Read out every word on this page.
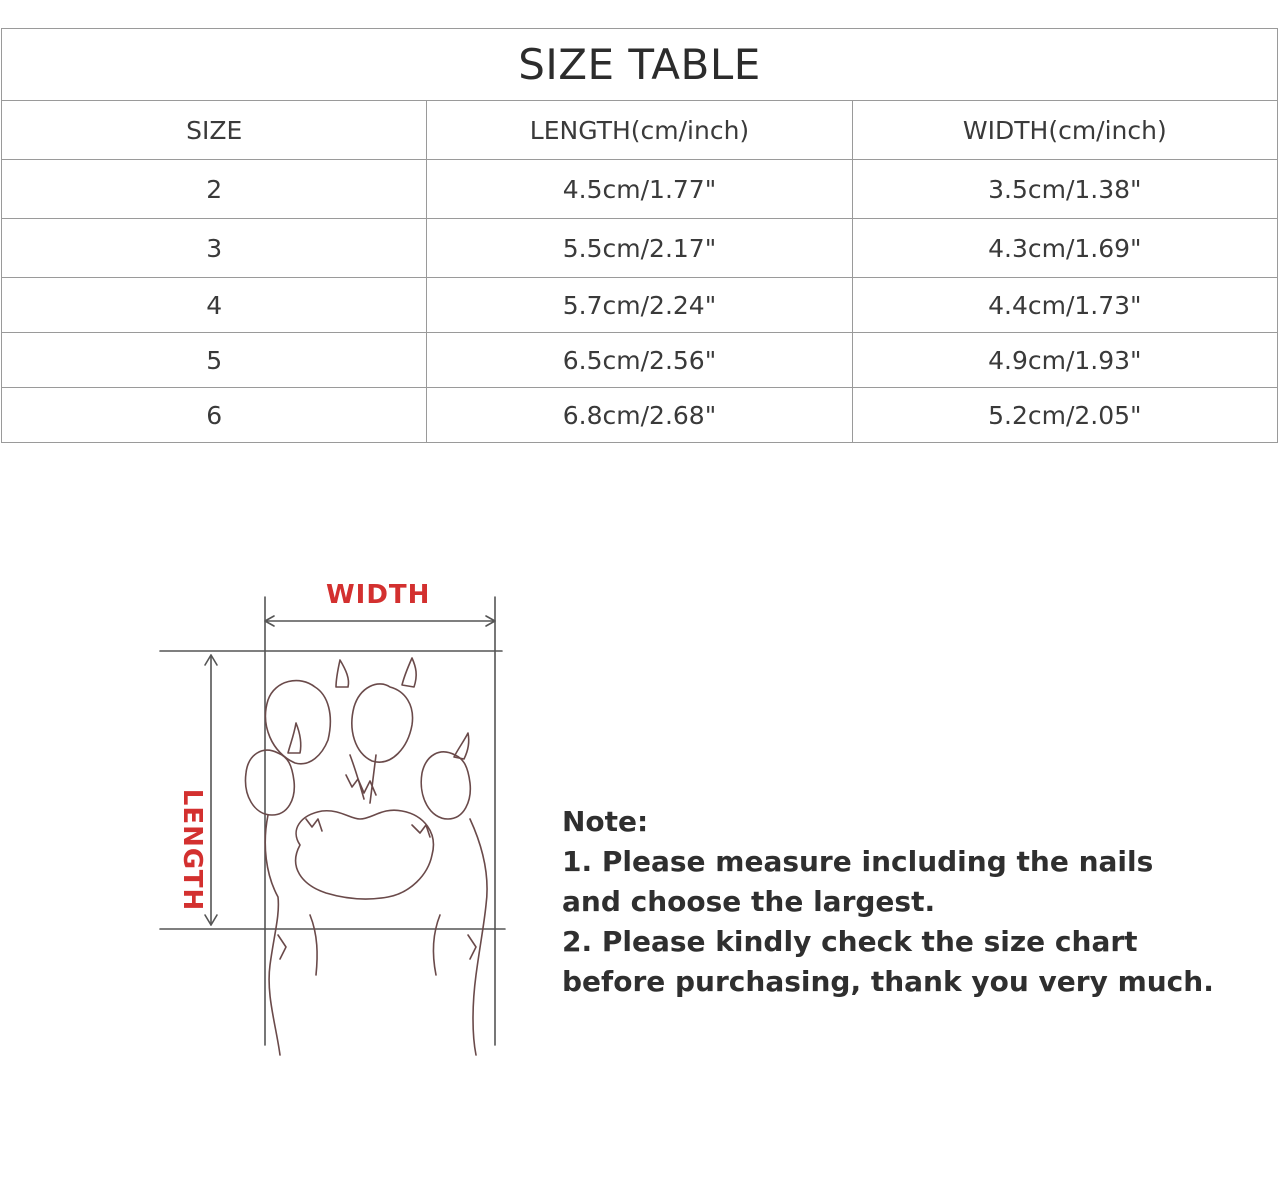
SIZE TABLE		
SIZE	LENGTH(cm/inch)	WIDTH(cm/inch)
2	4.5cm/1.77"	3.5cm/1.38"
3	5.5cm/2.17"	4.3cm/1.69"
4	5.7cm/2.24"	4.4cm/1.73"
5	6.5cm/2.56"	4.9cm/1.93"
6	6.8cm/2.68"	5.2cm/2.05"
WIDTH
LENGTH	Note:
1. Please measure including the nails
and choose the largest.
2. Please kindly check the size chart
before purchasing, thank you very much.
